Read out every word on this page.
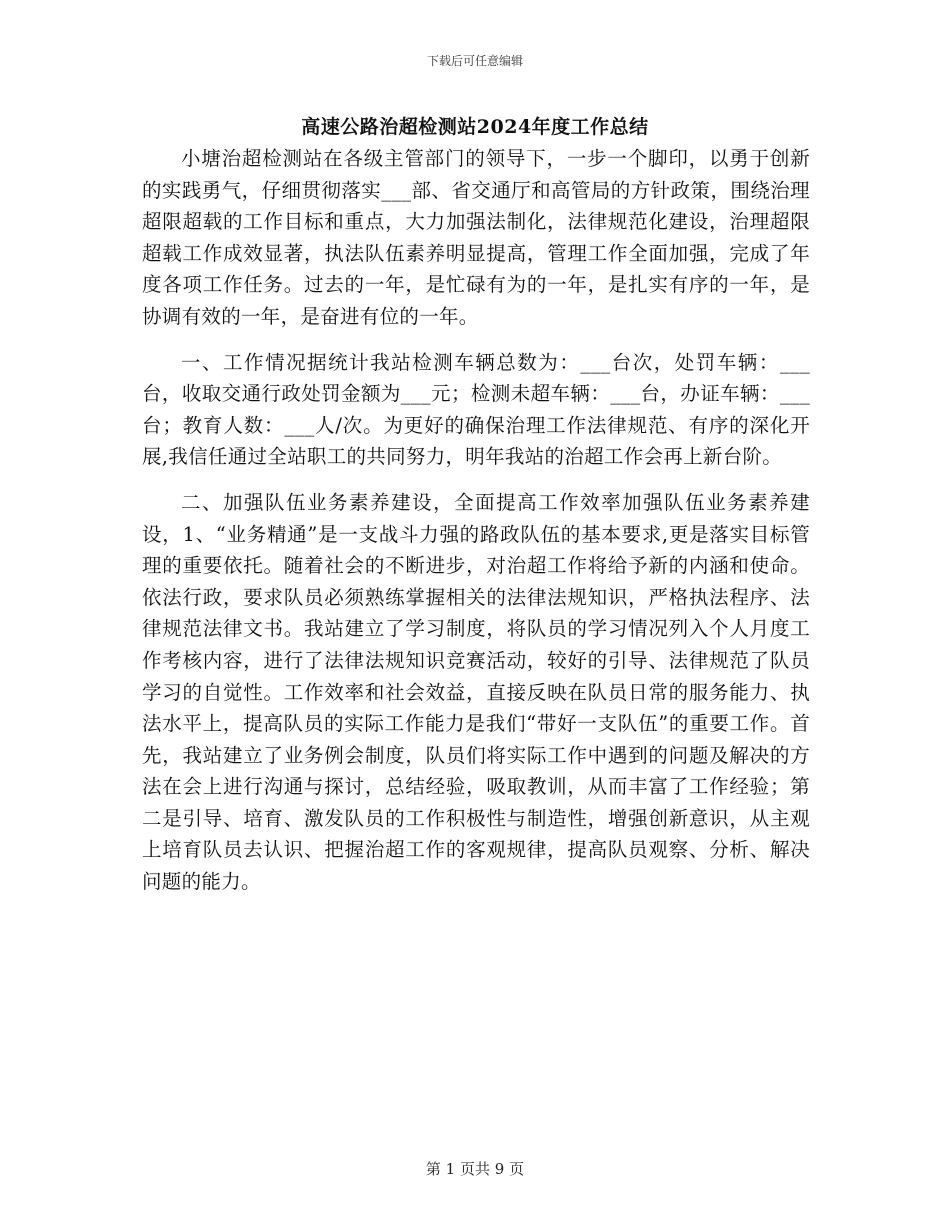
下载后可任意编辑
高速公路治超检测站2024年度工作总结

小塘治超检测站在各级主管部门的领导下，一步一个脚印，以勇于创新的实践勇气，仔细贯彻落实___部、省交通厅和高管局的方针政策，围绕治理超限超载的工作目标和重点，大力加强法制化，法律规范化建设，治理超限超载工作成效显著，执法队伍素养明显提高，管理工作全面加强，完成了年度各项工作任务。过去的一年，是忙碌有为的一年，是扎实有序的一年，是协调有效的一年，是奋进有位的一年。

一、工作情况据统计我站检测车辆总数为：___台次，处罚车辆：___台，收取交通行政处罚金额为___元；检测未超车辆：___台，办证车辆：___台；教育人数：___人/次。为更好的确保治理工作法律规范、有序的深化开展,我信任通过全站职工的共同努力，明年我站的治超工作会再上新台阶。

二、加强队伍业务素养建设，全面提高工作效率加强队伍业务素养建设，1、“业务精通”是一支战斗力强的路政队伍的基本要求,更是落实目标管理的重要依托。随着社会的不断进步，对治超工作将给予新的内涵和使命。依法行政，要求队员必须熟练掌握相关的法律法规知识，严格执法程序、法律规范法律文书。我站建立了学习制度，将队员的学习情况列入个人月度工作考核内容，进行了法律法规知识竞赛活动，较好的引导、法律规范了队员学习的自觉性。工作效率和社会效益，直接反映在队员日常的服务能力、执法水平上，提高队员的实际工作能力是我们“带好一支队伍”的重要工作。首先，我站建立了业务例会制度，队员们将实际工作中遇到的问题及解决的方法在会上进行沟通与探讨，总结经验，吸取教训，从而丰富了工作经验；第二是引导、培育、激发队员的工作积极性与制造性，增强创新意识，从主观上培育队员去认识、把握治超工作的客观规律，提高队员观察、分析、解决问题的能力。

第 1 页共 9 页
